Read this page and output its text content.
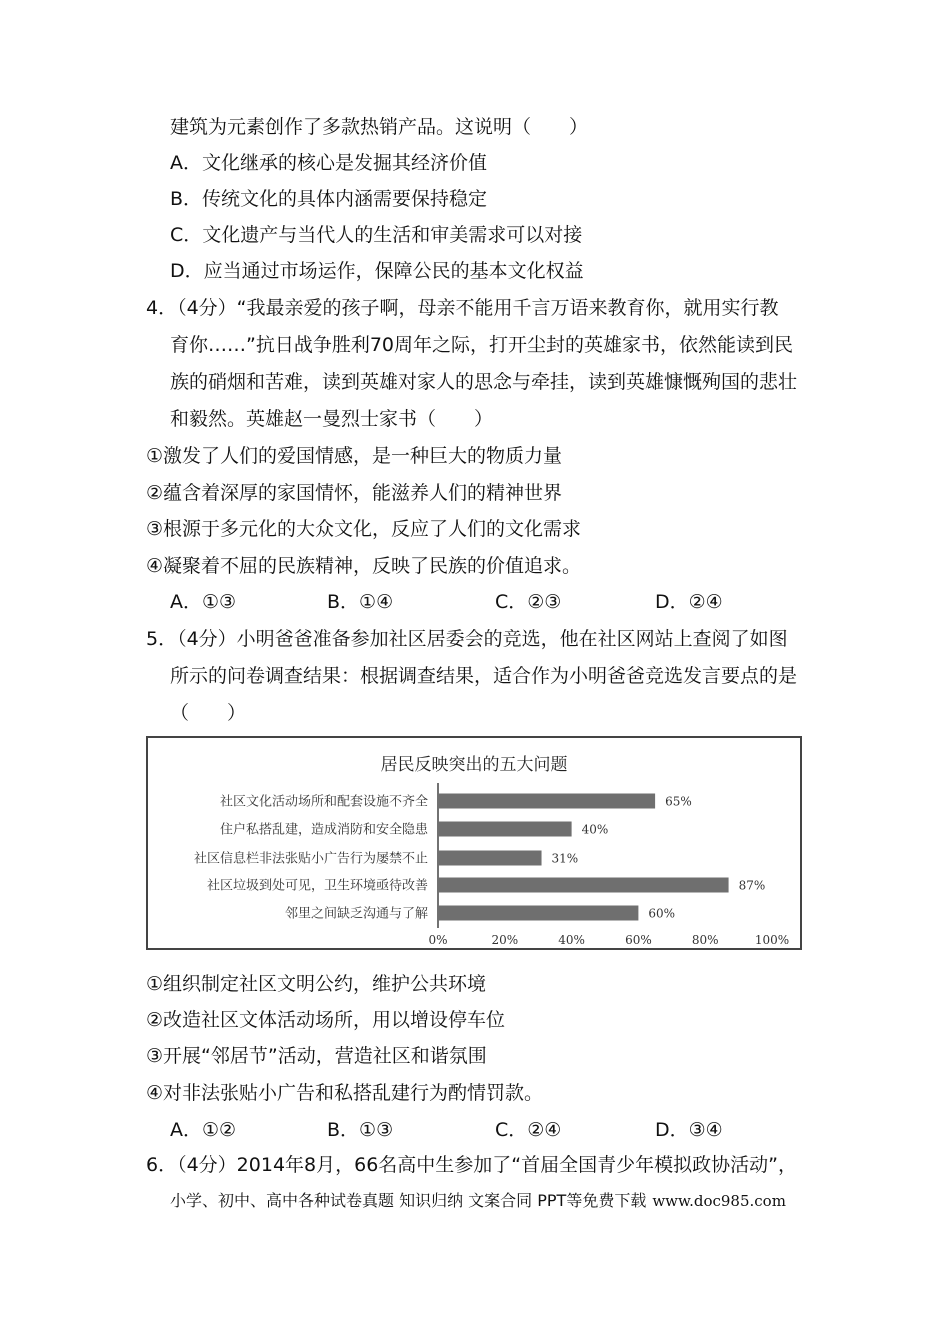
建筑为元素创作了多款热销产品。这说明（　　）
A．文化继承的核心是发掘其经济价值
B．传统文化的具体内涵需要保持稳定
C．文化遗产与当代人的生活和审美需求可以对接
D．应当通过市场运作，保障公民的基本文化权益
4．（4分）“我最亲爱的孩子啊，母亲不能用千言万语来教育你，就用实行教
育你……”抗日战争胜利70周年之际，打开尘封的英雄家书，依然能读到民
族的硝烟和苦难，读到英雄对家人的思念与牵挂，读到英雄慷慨殉国的悲壮
和毅然。英雄赵一曼烈士家书（　　）
①激发了人们的爱国情感，是一种巨大的物质力量
②蕴含着深厚的家国情怀，能滋养人们的精神世界
③根源于多元化的大众文化，反应了人们的文化需求
④凝聚着不屈的民族精神，反映了民族的价值追求。
A．①③	B．①④	C．②③	D．②④
5．（4分）小明爸爸准备参加社区居委会的竞选，他在社区网站上查阅了如图
所示的问卷调查结果：根据调查结果，适合作为小明爸爸竞选发言要点的是
（　　）
居民反映突出的五大问题
社区文化活动场所和配套设施不齐全	65%
住户私搭乱建，造成消防和安全隐患	40%
社区信息栏非法张贴小广告行为屡禁不止	31%
社区垃圾到处可见，卫生环境亟待改善	87%
邻里之间缺乏沟通与了解	60%
0%	20%	40%	60%	80%	100%
①组织制定社区文明公约，维护公共环境
②改造社区文体活动场所，用以增设停车位
③开展“邻居节”活动，营造社区和谐氛围
④对非法张贴小广告和私搭乱建行为酌情罚款。
A．①②	B．①③	C．②④	D．③④
6．（4分）2014年8月，66名高中生参加了“首届全国青少年模拟政协活动”，
小学、初中、高中各种试卷真题 知识归纳 文案合同 PPT等免费下载 www.doc985.com
